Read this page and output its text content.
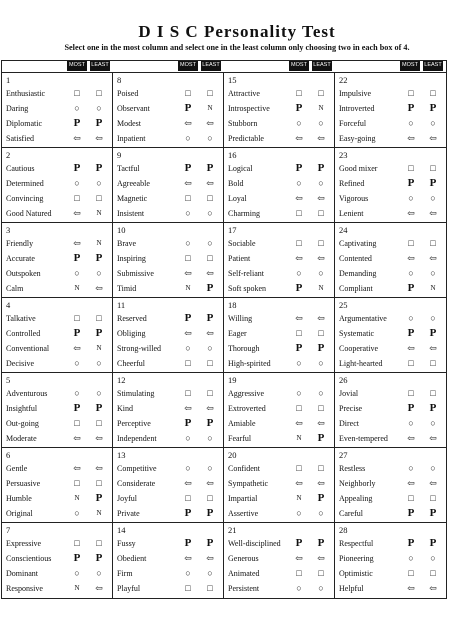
D I S C Personality Test
Select one in the most column and select one in the least column only choosing two in each box of 4.
MOST	LEAST	MOST	LEAST	MOST	LEAST	MOST	LEAST
1
Enthusiastic	□	□
Daring	○	○
Diplomatic	P	P
Satisfied	⇦	⇦
8
Poised	□	□
Observant	P	N
Modest	⇦	⇦
Inpatient	○	○
15
Attractive	□	□
Introspective	P	N
Stubborn	○	○
Predictable	⇦	⇦
22
Impulsive	□	□
Introverted	P	P
Forceful	○	○
Easy-going	⇦	⇦
2
Cautious	P	P
Determined	○	○
Convincing	□	□
Good Natured	⇦	N
9
Tactful	P	P
Agreeable	⇦	⇦
Magnetic	□	□
Insistent	○	○
16
Logical	P	P
Bold	○	○
Loyal	⇦	⇦
Charming	□	□
23
Good mixer	□	□
Refined	P	P
Vigorous	○	○
Lenient	⇦	⇦
3
Friendly	⇦	N
Accurate	P	P
Outspoken	○	○
Calm	N	⇦
10
Brave	○	○
Inspiring	□	□
Submissive	⇦	⇦
Timid	N	P
17
Sociable	□	□
Patient	⇦	⇦
Self-reliant	○	○
Soft spoken	P	N
24
Captivating	□	□
Contented	⇦	⇦
Demanding	○	○
Compliant	P	N
4
Talkative	□	□
Controlled	P	P
Conventional	⇦	N
Decisive	○	○
11
Reserved	P	P
Obliging	⇦	⇦
Strong-willed	○	○
Cheerful	□	□
18
Willing	⇦	⇦
Eager	□	□
Thorough	P	P
High-spirited	○	○
25
Argumentative	○	○
Systematic	P	P
Cooperative	⇦	⇦
Light-hearted	□	□
5
Adventurous	○	○
Insightful	P	P
Out-going	□	□
Moderate	⇦	⇦
12
Stimulating	□	□
Kind	⇦	⇦
Perceptive	P	P
Independent	○	○
19
Aggressive	○	○
Extroverted	□	□
Amiable	⇦	⇦
Fearful	N	P
26
Jovial	□	□
Precise	P	P
Direct	○	○
Even-tempered	⇦	⇦
6
Gentle	⇦	⇦
Persuasive	□	□
Humble	N	P
Original	○	N
13
Competitive	○	○
Considerate	⇦	⇦
Joyful	□	□
Private	P	P
20
Confident	□	□
Sympathetic	⇦	⇦
Impartial	N	P
Assertive	○	○
27
Restless	○	○
Neighborly	⇦	⇦
Appealing	□	□
Careful	P	P
7
Expressive	□	□
Conscientious	P	P
Dominant	○	○
Responsive	N	⇦
14
Fussy	P	P
Obedient	⇦	⇦
Firm	○	○
Playful	□	□
21
Well-disciplined	P	P
Generous	⇦	⇦
Animated	□	□
Persistent	○	○
28
Respectful	P	P
Pioneering	○	○
Optimistic	□	□
Helpful	⇦	⇦
